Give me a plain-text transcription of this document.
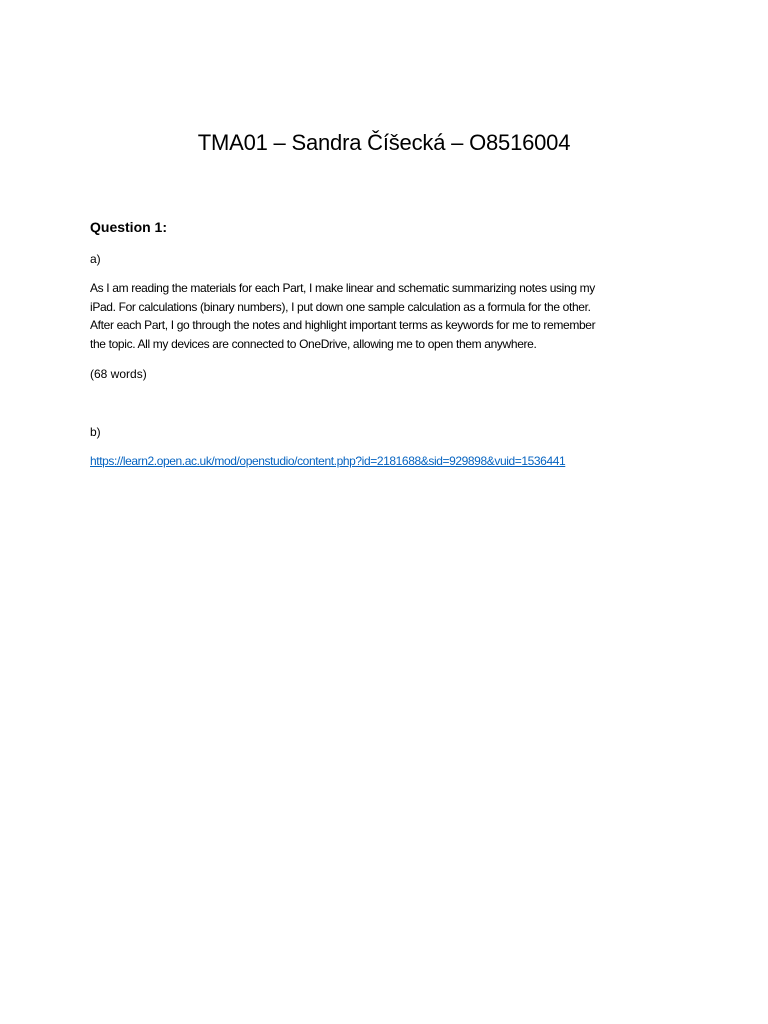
TMA01 – Sandra Číšecká – O8516004

Question 1:

a)

As I am reading the materials for each Part, I make linear and schematic summarizing notes using my
iPad. For calculations (binary numbers), I put down one sample calculation as a formula for the other.
After each Part, I go through the notes and highlight important terms as keywords for me to remember
the topic. All my devices are connected to OneDrive, allowing me to open them anywhere.

(68 words)

b)

https://learn2.open.ac.uk/mod/openstudio/content.php?id=2181688&sid=929898&vuid=1536441
